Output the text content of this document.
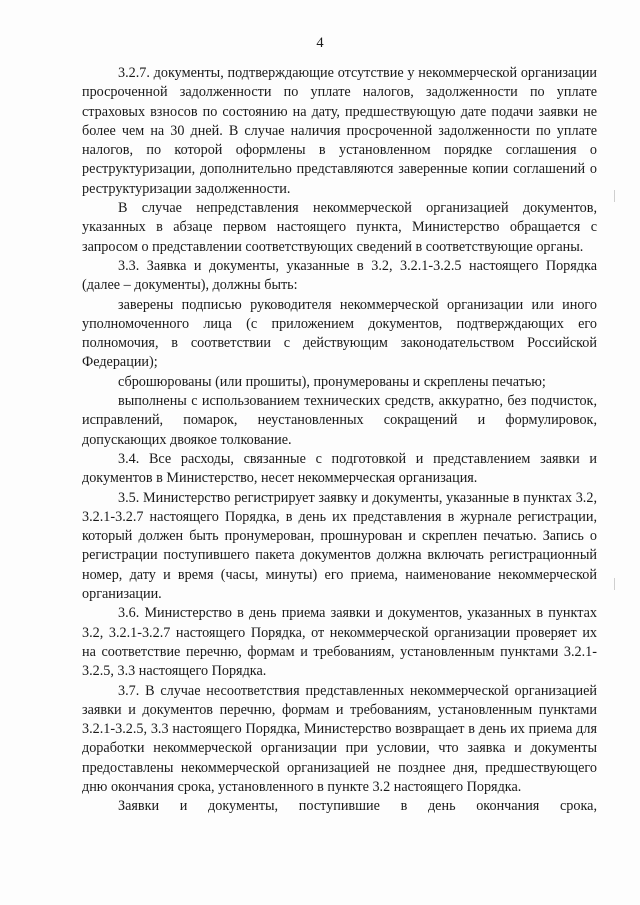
4

3.2.7. документы, подтверждающие отсутствие у некоммерческой организации просроченной задолженности по уплате налогов, задолженности по уплате страховых взносов по состоянию на дату, предшествующую дате подачи заявки не более чем на 30 дней. В случае наличия просроченной задолженности по уплате налогов, по которой оформлены в установленном порядке соглашения о реструктуризации, дополнительно представляются заверенные копии соглашений о реструктуризации задолженности.

В случае непредставления некоммерческой организацией документов, указанных в абзаце первом настоящего пункта, Министерство обращается с запросом о представлении соответствующих сведений в соответствующие органы.

3.3. Заявка и документы, указанные в 3.2, 3.2.1-3.2.5 настоящего Порядка (далее – документы), должны быть:

заверены подписью руководителя некоммерческой организации или иного уполномоченного лица (с приложением документов, подтверждающих его полномочия, в соответствии с действующим законодательством Российской Федерации);

сброшюрованы (или прошиты), пронумерованы и скреплены печатью;

выполнены с использованием технических средств, аккуратно, без подчисток, исправлений, помарок, неустановленных сокращений и формулировок, допускающих двоякое толкование.

3.4. Все расходы, связанные с подготовкой и представлением заявки и документов в Министерство, несет некоммерческая организация.

3.5. Министерство регистрирует заявку и документы, указанные в пунктах 3.2, 3.2.1-3.2.7 настоящего Порядка, в день их представления в журнале регистрации, который должен быть пронумерован, прошнурован и скреплен печатью. Запись о регистрации поступившего пакета документов должна включать регистрационный номер, дату и время (часы, минуты) его приема, наименование некоммерческой организации.

3.6. Министерство в день приема заявки и документов, указанных в пунктах 3.2, 3.2.1-3.2.7 настоящего Порядка, от некоммерческой организации проверяет их на соответствие перечню, формам и требованиям, установленным пунктами 3.2.1-3.2.5, 3.3 настоящего Порядка.

3.7. В случае несоответствия представленных некоммерческой организацией заявки и документов перечню, формам и требованиям, установленным пунктами 3.2.1-3.2.5, 3.3 настоящего Порядка, Министерство возвращает в день их приема для доработки некоммерческой организации при условии, что заявка и документы предоставлены некоммерческой организацией не позднее дня, предшествующего дню окончания срока, установленного в пункте 3.2 настоящего Порядка.

Заявки и документы, поступившие в день окончания срока,
